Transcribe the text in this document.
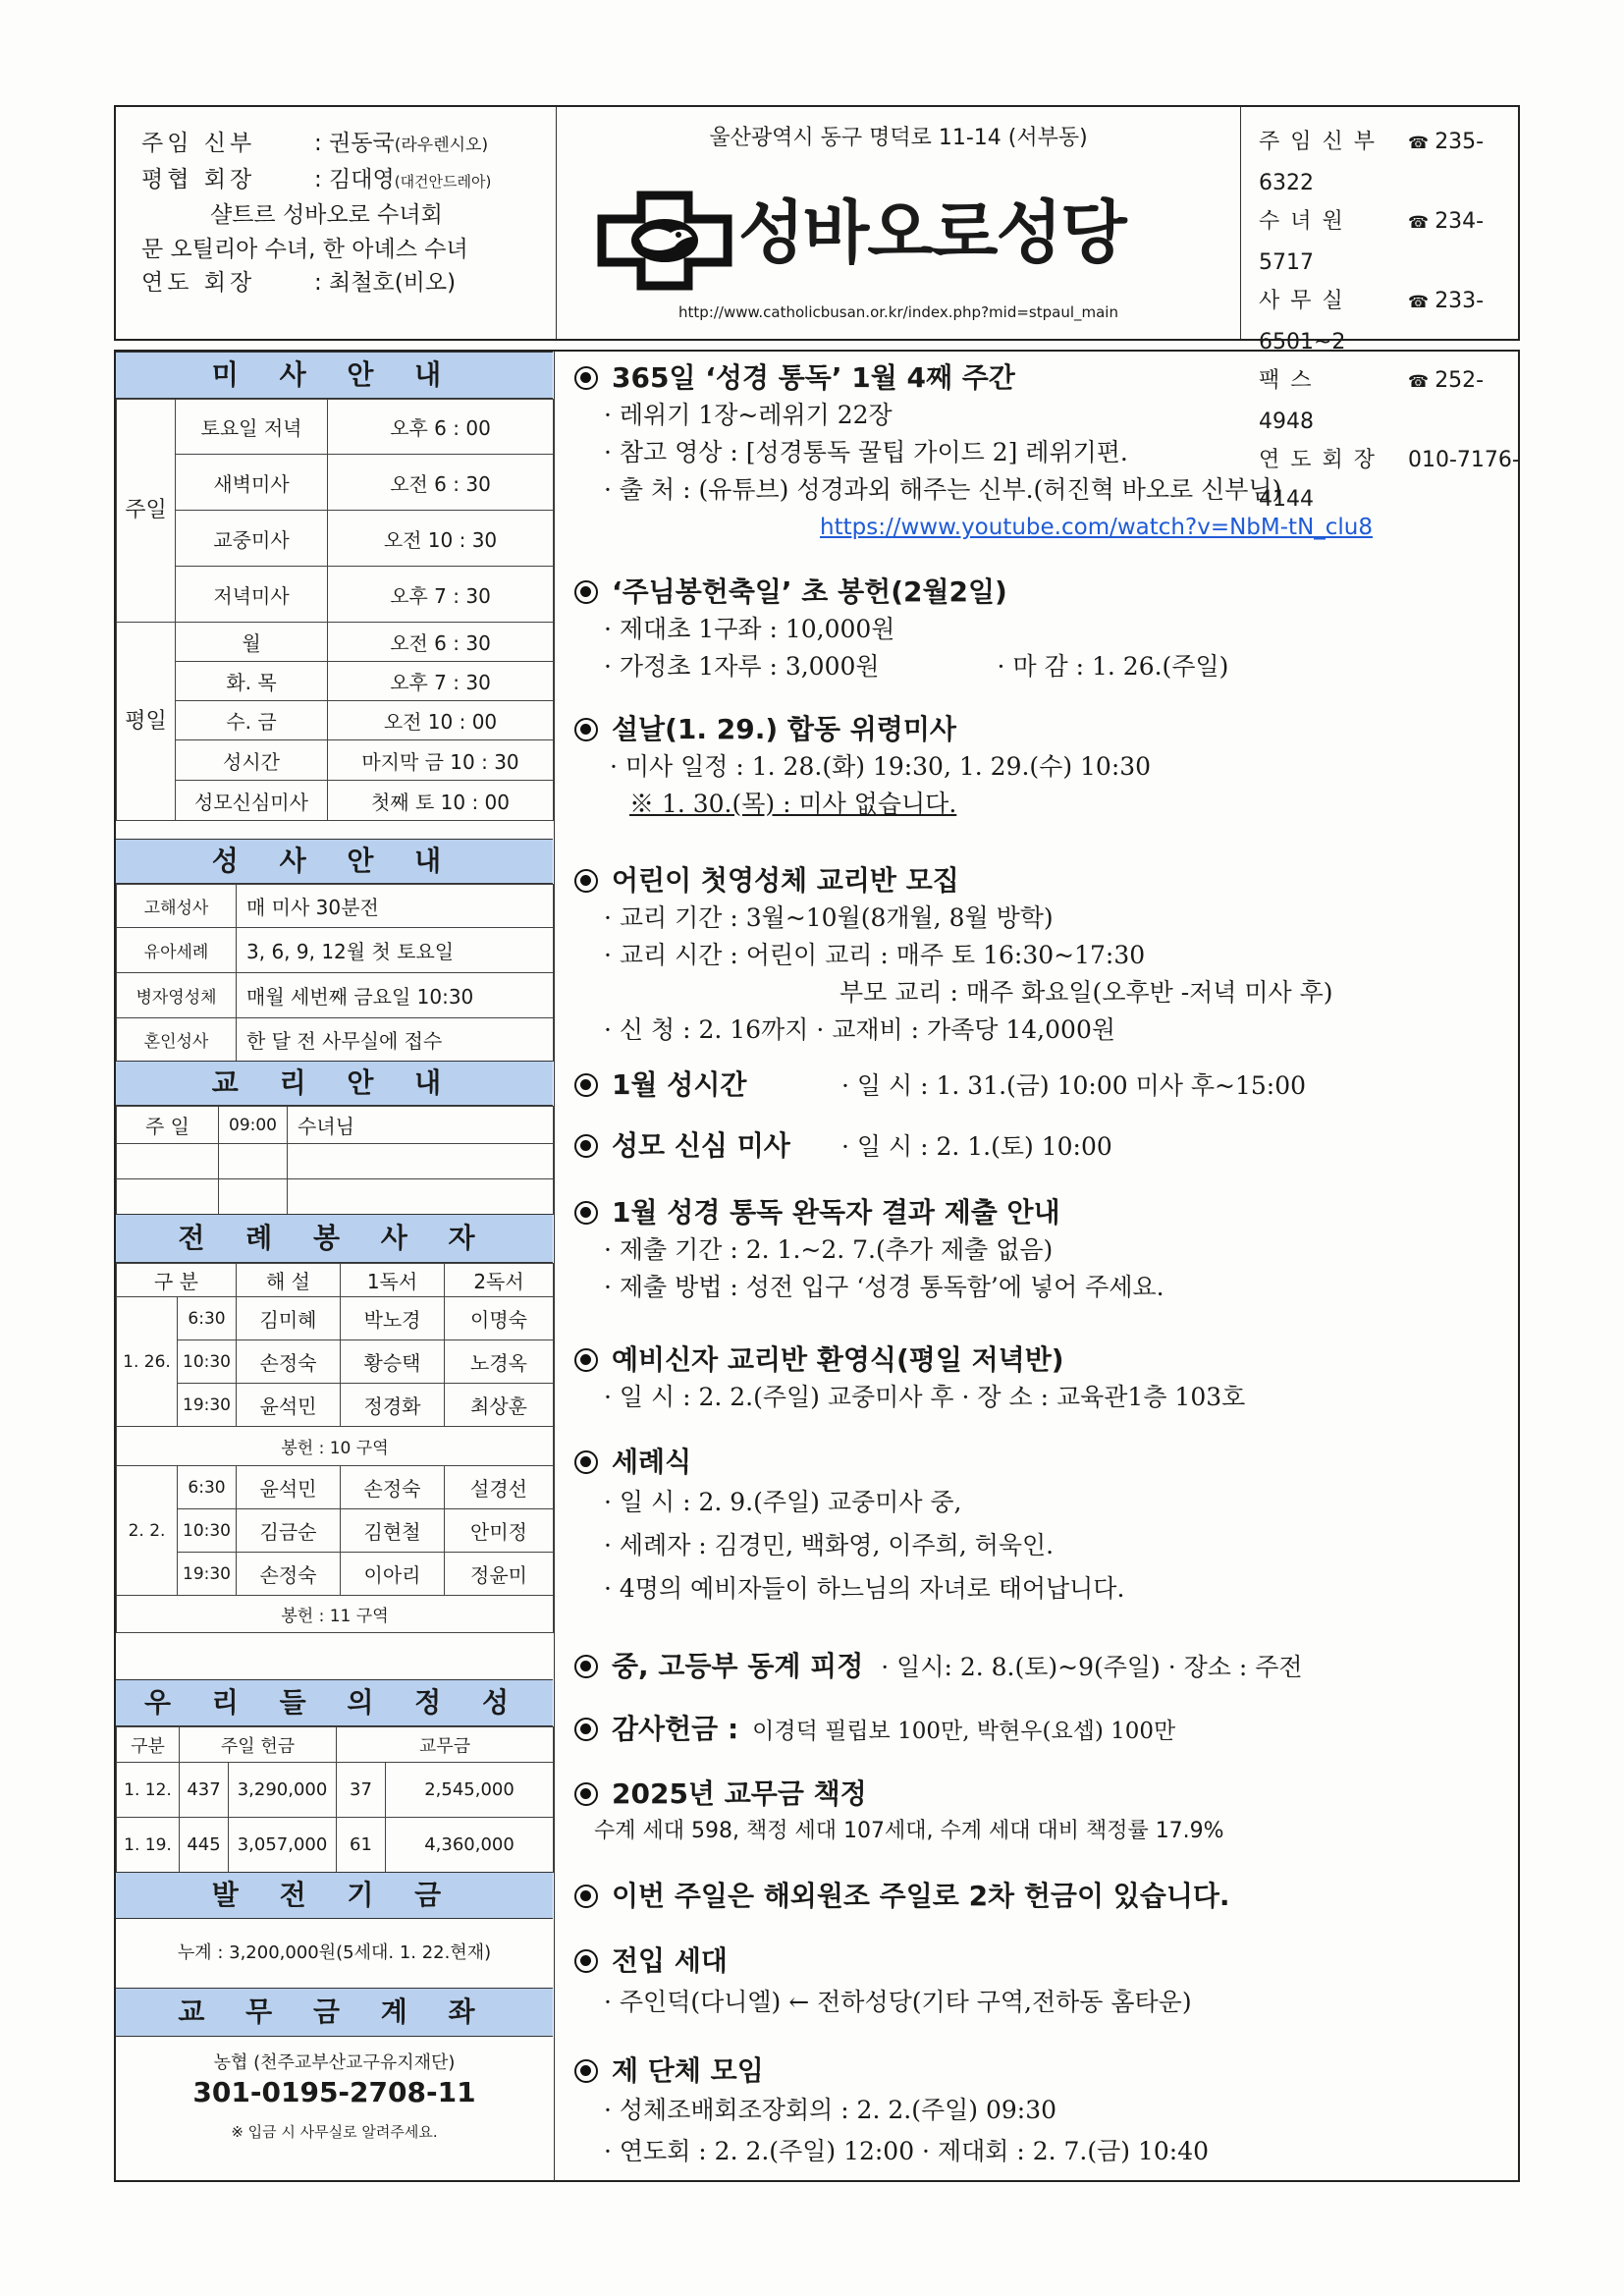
주임 신부	: 권동국(라우렌시오)
평협 회장	: 김대영(대건안드레아)
샬트르 성바오로 수녀회
문 오틸리아 수녀, 한 아녜스 수녀
연도 회장	: 최철호(비오)
울산광역시 동구 명덕로 11-14 (서부동)
성바오로성당
http://www.catholicbusan.or.kr/index.php?mid=stpaul_main
주 임 신 부 ☎ 235-6322
수 녀 원	☎ 234-5717
사 무 실	☎ 233-6501~2
팩 스	☎ 252-4948
연 도 회 장 010-7176-4144
미 사 안 내
주일	토요일 저녁	오후 6 : 00
	새벽미사	오전 6 : 30
	교중미사	오전 10 : 30
	저녁미사	오후 7 : 30
평일	월	오전 6 : 30
	화. 목	오후 7 : 30
	수. 금	오전 10 : 00
	성시간	마지막 금 10 : 30
	성모신심미사	첫째 토 10 : 00
성 사 안 내
고해성사	매 미사 30분전
유아세례	3, 6, 9, 12월 첫 토요일
병자영성체	매월 세번째 금요일 10:30
혼인성사	한 달 전 사무실에 접수
교 리 안 내
주 일	09:00	수녀님

전 례 봉 사 자
구 분		해 설	1독서	2독서
1. 26.	6:30	김미혜	박노경	이명숙
	10:30	손정숙	황승택	노경옥
	19:30	윤석민	정경화	최상훈
봉헌 : 10 구역				
2. 2.	6:30	윤석민	손정숙	설경선
	10:30	김금순	김현철	안미정
	19:30	손정숙	이아리	정윤미
봉헌 : 11 구역				
우 리 들 의 정 성
구분	주일 헌금		교무금	
1. 12.	437	3,290,000	37	2,545,000
1. 19.	445	3,057,000	61	4,360,000
발 전 기 금
누계 : 3,200,000원(5세대. 1. 22.현재)
교 무 금 계 좌
농협 (천주교부산교구유지재단)
301-0195-2708-11
※ 입금 시 사무실로 알려주세요.
365일 ‘성경 통독’ 1월 4째 주간
· 레위기 1장~레위기 22장
· 참고 영상 : [성경통독 꿀팁 가이드 2] 레위기편.
· 출 처 : (유튜브) 성경과외 해주는 신부.(허진혁 바오로 신부님)
https://www.youtube.com/watch?v=NbM-tN_clu8
‘주님봉헌축일’ 초 봉헌(2월2일)
· 제대초 1구좌 : 10,000원
· 가정초 1자루 : 3,000원	· 마 감 : 1. 26.(주일)
설날(1. 29.) 합동 위령미사
· 미사 일정 : 1. 28.(화) 19:30, 1. 29.(수) 10:30
※ 1. 30.(목) : 미사 없습니다.
어린이 첫영성체 교리반 모집
· 교리 기간 : 3월~10월(8개월, 8월 방학)
· 교리 시간 : 어린이 교리 : 매주 토 16:30~17:30
부모 교리 : 매주 화요일(오후반 -저녁 미사 후)
· 신 청 : 2. 16까지 · 교재비 : 가족당 14,000원
1월 성시간	· 일 시 : 1. 31.(금) 10:00 미사 후~15:00
성모 신심 미사 · 일 시 : 2. 1.(토) 10:00
1월 성경 통독 완독자 결과 제출 안내
· 제출 기간 : 2. 1.~2. 7.(추가 제출 없음)
· 제출 방법 : 성전 입구 ‘성경 통독함’에 넣어 주세요.
예비신자 교리반 환영식(평일 저녁반)
· 일 시 : 2. 2.(주일) 교중미사 후 · 장 소 : 교육관1층 103호
세례식
· 일 시 : 2. 9.(주일) 교중미사 중,
· 세례자 : 김경민, 백화영, 이주희, 허욱인.
· 4명의 예비자들이 하느님의 자녀로 태어납니다.
중, 고등부 동계 피정 · 일시: 2. 8.(토)~9(주일) · 장소 : 주전
감사헌금 : 이경덕 필립보 100만, 박현우(요셉) 100만
2025년 교무금 책정
수계 세대 598, 책정 세대 107세대, 수계 세대 대비 책정률 17.9%
이번 주일은 해외원조 주일로 2차 헌금이 있습니다.
전입 세대
· 주인덕(다니엘) ← 전하성당(기타 구역,전하동 홈타운)
제 단체 모임
· 성체조배회조장회의 : 2. 2.(주일) 09:30
· 연도회 : 2. 2.(주일) 12:00 · 제대회 : 2. 7.(금) 10:40
